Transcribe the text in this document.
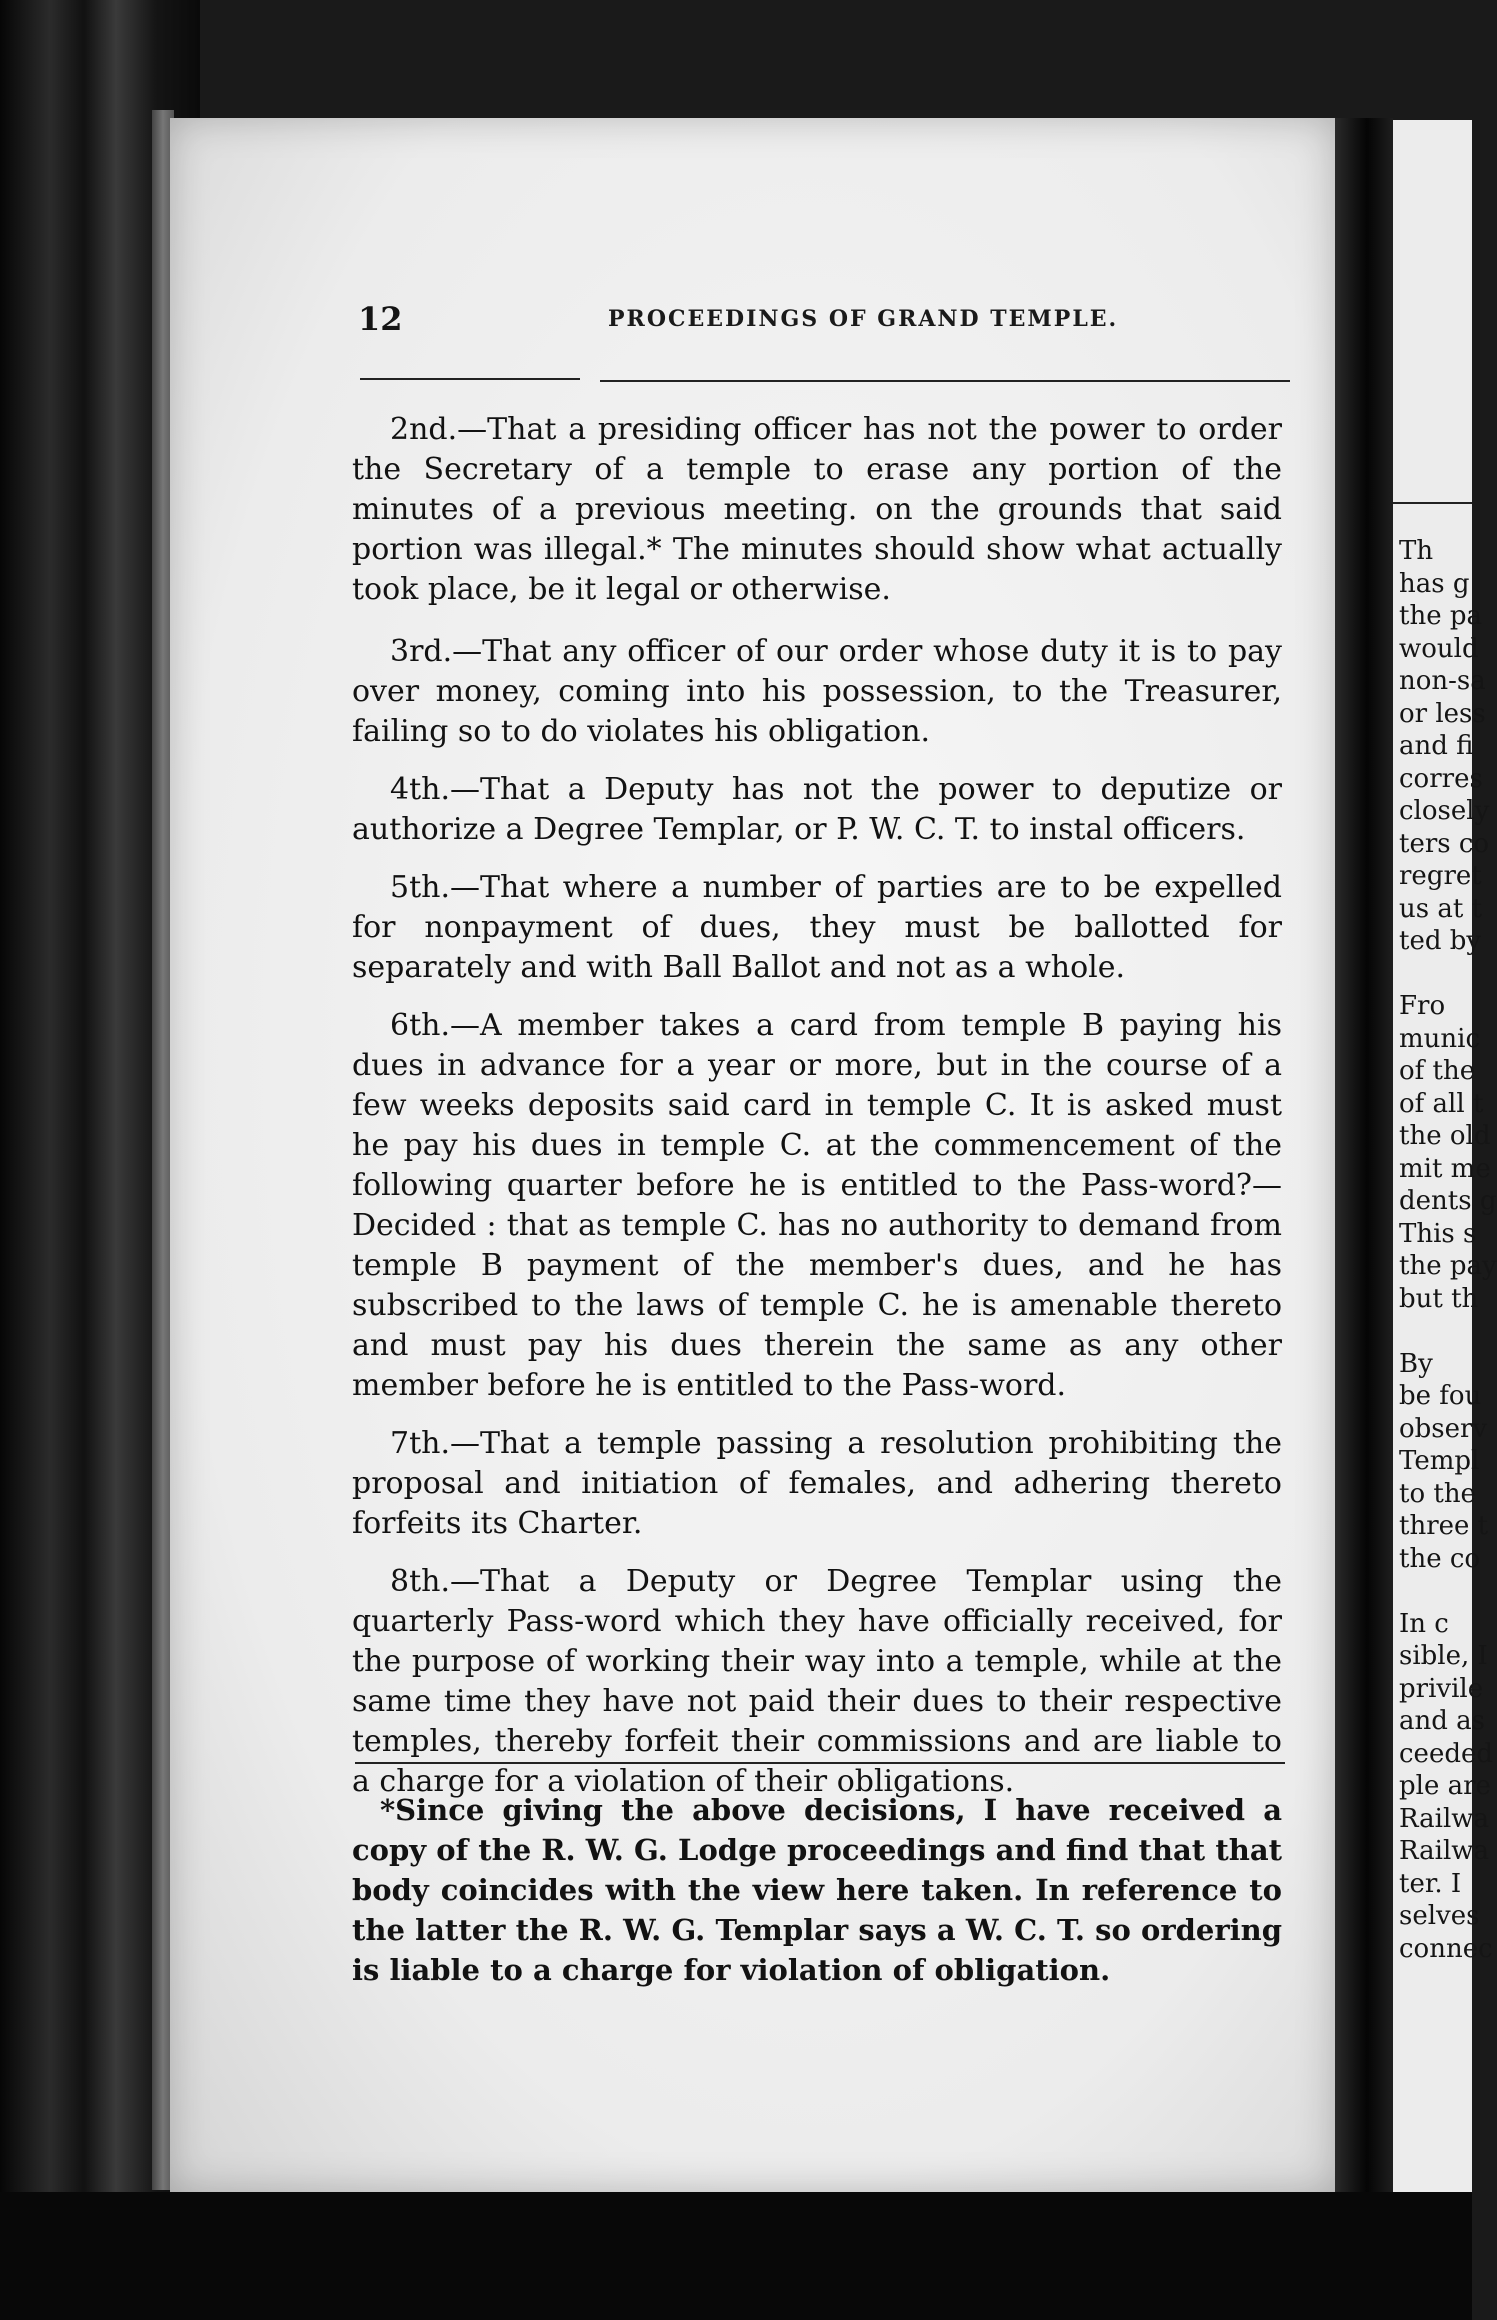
12	PROCEEDINGS OF GRAND TEMPLE.

2nd.—That a presiding officer has not the power to order the Secretary of a temple to erase any portion of the minutes of a previous meeting. on the grounds that said portion was illegal.* The minutes should show what actually took place, be it legal or otherwise.

3rd.—That any officer of our order whose duty it is to pay over money, coming into his possession, to the Treasurer, failing so to do violates his obligation.

4th.—That a Deputy has not the power to deputize or authorize a Degree Templar, or P. W. C. T. to instal officers.

5th.—That where a number of parties are to be expelled for nonpayment of dues, they must be ballotted for separately and with Ball Ballot and not as a whole.

6th.—A member takes a card from temple B paying his dues in advance for a year or more, but in the course of a few weeks deposits said card in temple C. It is asked must he pay his dues in temple C. at the commencement of the following quarter before he is entitled to the Pass-word?—Decided : that as temple C. has no authority to demand from temple B payment of the member's dues, and he has subscribed to the laws of temple C. he is amenable thereto and must pay his dues therein the same as any other member before he is entitled to the Pass-word.

7th.—That a temple passing a resolution prohibiting the proposal and initiation of females, and adhering thereto forfeits its Charter.

8th.—That a Deputy or Degree Templar using the quarterly Pass-word which they have officially received, for the purpose of working their way into a temple, while at the same time they have not paid their dues to their respective temples, thereby forfeit their commissions and are liable to a charge for a violation of their obligations.

*Since giving the above decisions, I have received a copy of the R. W. G. Lodge proceedings and find that that body coincides with the view here taken. In reference to the latter the R. W. G. Templar says a W. C. T. so ordering is liable to a charge for violation of obligation.

Th
has g
the pa
would
non-sa
or less
and fi
corres
closely
ters co
regret
us at t
ted by

Fro
munic
of the
of all t
the old
mit me
dents g
This s
the pay
but th

By
be fou
observ
Templ
to the
three t
the co

In c
sible, I
privile
and as
ceeded
ple are
Railwa
Railwa
ter. I
selves
connec
